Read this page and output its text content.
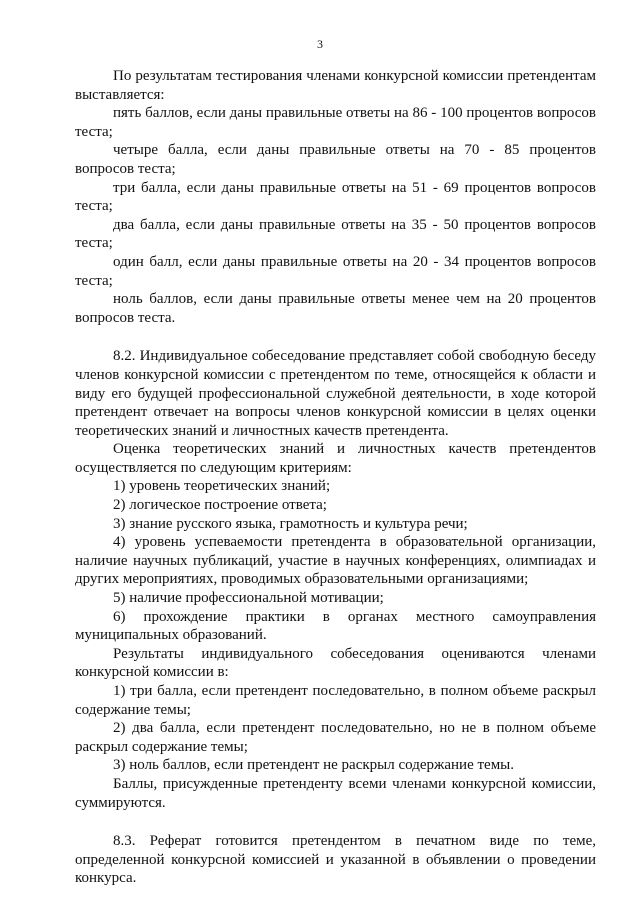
3

По результатам тестирования членами конкурсной комиссии претендентам выставляется:

пять баллов, если даны правильные ответы на 86 - 100 процентов вопросов теста;

четыре балла, если даны правильные ответы на 70 - 85 процентов вопросов теста;

три балла, если даны правильные ответы на 51 - 69 процентов вопросов теста;

два балла, если даны правильные ответы на 35 - 50 процентов вопросов теста;

один балл, если даны правильные ответы на 20 - 34 процентов вопросов теста;

ноль баллов, если даны правильные ответы менее чем на 20 процентов вопросов теста.

8.2. Индивидуальное собеседование представляет собой свободную беседу членов конкурсной комиссии с претендентом по теме, относящейся к области и виду его будущей профессиональной служебной деятельности, в ходе которой претендент отвечает на вопросы членов конкурсной комиссии в целях оценки теоретических знаний и личностных качеств претендента.

Оценка теоретических знаний и личностных качеств претендентов осуществляется по следующим критериям:

1) уровень теоретических знаний;

2) логическое построение ответа;

3) знание русского языка, грамотность и культура речи;

4) уровень успеваемости претендента в образовательной организации, наличие научных публикаций, участие в научных конференциях, олимпиадах и других мероприятиях, проводимых образовательными организациями;

5) наличие профессиональной мотивации;

6) прохождение практики в органах местного самоуправления муниципальных образований.

Результаты индивидуального собеседования оцениваются членами конкурсной комиссии в:

1) три балла, если претендент последовательно, в полном объеме раскрыл содержание темы;

2) два балла, если претендент последовательно, но не в полном объеме раскрыл содержание темы;

3) ноль баллов, если претендент не раскрыл содержание темы.

Баллы, присужденные претенденту всеми членами конкурсной комиссии, суммируются.

8.3. Реферат готовится претендентом в печатном виде по теме, определенной конкурсной комиссией и указанной в объявлении о проведении конкурса.
